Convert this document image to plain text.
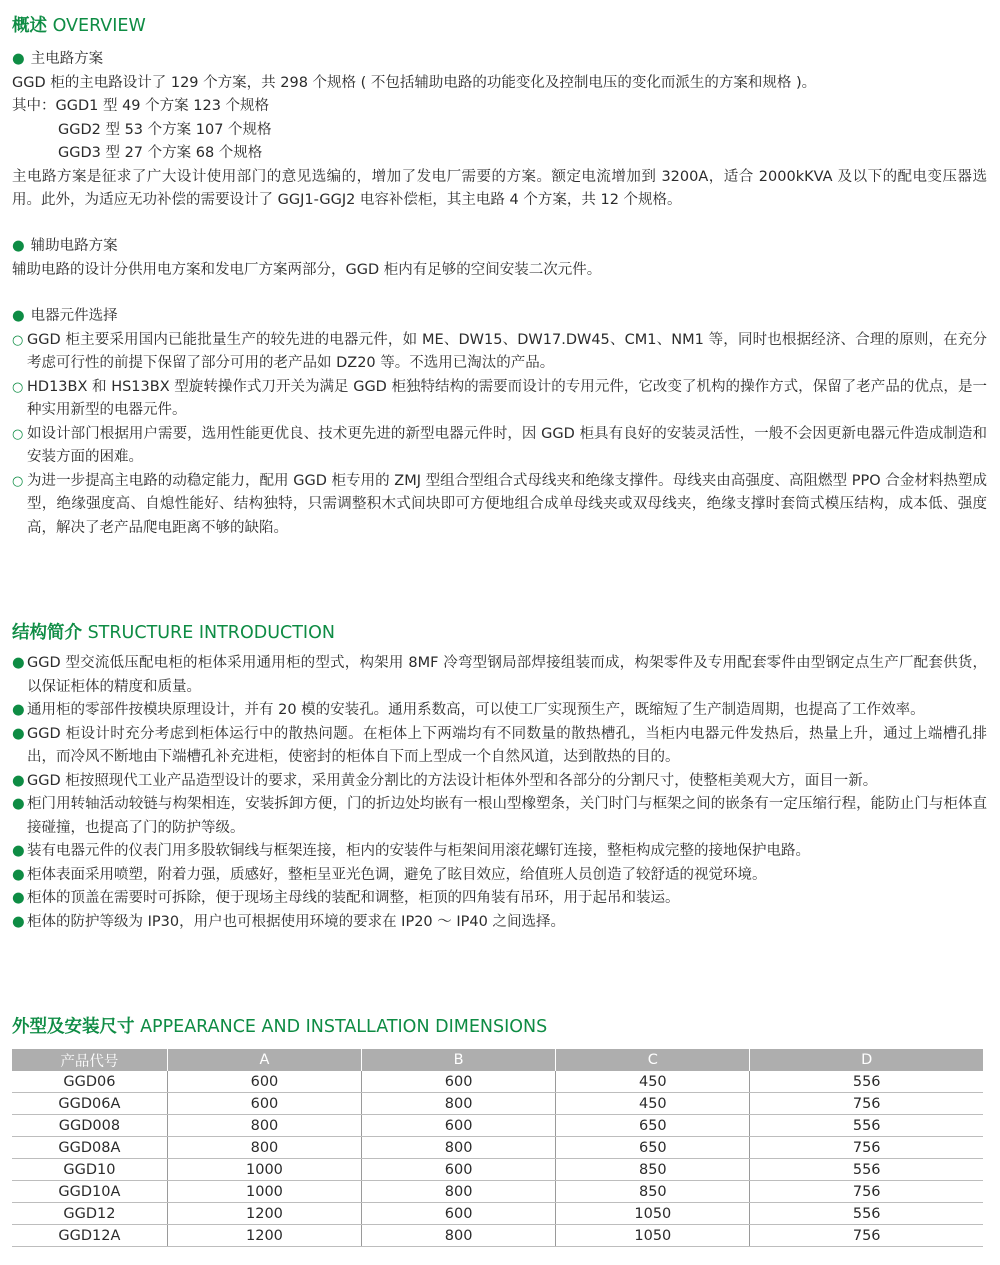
概述 OVERVIEW
● 主电路方案
GGD 柜的主电路设计了 129 个方案，共 298 个规格 ( 不包括辅助电路的功能变化及控制电压的变化而派生的方案和规格 )。
其中：GGD1 型 49 个方案 123 个规格
GGD2 型 53 个方案 107 个规格
GGD3 型 27 个方案 68 个规格
主电路方案是征求了广大设计使用部门的意见选编的，增加了发电厂需要的方案。额定电流增加到 3200A，适合 2000kKVA 及以下的配电变压器选用。此外，为适应无功补偿的需要设计了 GGJ1-GGJ2 电容补偿柜，其主电路 4 个方案，共 12 个规格。
● 辅助电路方案
辅助电路的设计分供用电方案和发电厂方案两部分，GGD 柜内有足够的空间安装二次元件。
● 电器元件选择
○ GGD 柜主要采用国内已能批量生产的较先进的电器元件，如 ME、DW15、DW17.DW45、CM1、NM1 等，同时也根据经济、合理的原则，在充分考虑可行性的前提下保留了部分可用的老产品如 DZ20 等。不选用已淘汰的产品。
○ HD13BX 和 HS13BX 型旋转操作式刀开关为满足 GGD 柜独特结构的需要而设计的专用元件，它改变了机构的操作方式，保留了老产品的优点，是一种实用新型的电器元件。
○ 如设计部门根据用户需要，选用性能更优良、技术更先进的新型电器元件时，因 GGD 柜具有良好的安装灵活性，一般不会因更新电器元件造成制造和安装方面的困难。
○ 为进一步提高主电路的动稳定能力，配用 GGD 柜专用的 ZMJ 型组合型组合式母线夹和绝缘支撑件。母线夹由高强度、高阻燃型 PPO 合金材料热塑成型，绝缘强度高、自熄性能好、结构独特，只需调整积木式间块即可方便地组合成单母线夹或双母线夹，绝缘支撑时套筒式模压结构，成本低、强度高，解决了老产品爬电距离不够的缺陷。
结构简介 STRUCTURE INTRODUCTION
● GGD 型交流低压配电柜的柜体采用通用柜的型式，构架用 8MF 冷弯型钢局部焊接组装而成，构架零件及专用配套零件由型钢定点生产厂配套供货，以保证柜体的精度和质量。
● 通用柜的零部件按模块原理设计，并有 20 模的安装孔。通用系数高，可以使工厂实现预生产，既缩短了生产制造周期，也提高了工作效率。
● GGD 柜设计时充分考虑到柜体运行中的散热问题。在柜体上下两端均有不同数量的散热槽孔，当柜内电器元件发热后，热量上升，通过上端槽孔排出，而冷风不断地由下端槽孔补充进柜，使密封的柜体自下而上型成一个自然风道，达到散热的目的。
● GGD 柜按照现代工业产品造型设计的要求，采用黄金分割比的方法设计柜体外型和各部分的分割尺寸，使整柜美观大方，面目一新。
● 柜门用转轴活动较链与构架相连，安装拆卸方便，门的折边处均嵌有一根山型橡塑条，关门时门与框架之间的嵌条有一定压缩行程，能防止门与柜体直接碰撞，也提高了门的防护等级。
● 装有电器元件的仪表门用多股软铜线与框架连接，柜内的安装件与柜架间用滚花螺钉连接，整柜构成完整的接地保护电路。
● 柜体表面采用喷塑，附着力强，质感好，整柜呈亚光色调，避免了眩目效应，给值班人员创造了较舒适的视觉环境。
● 柜体的顶盖在需要时可拆除，便于现场主母线的装配和调整，柜顶的四角装有吊环，用于起吊和装运。
● 柜体的防护等级为 IP30，用户也可根据使用环境的要求在 IP20 ～ IP40 之间选择。
外型及安装尺寸 APPEARANCE AND INSTALLATION DIMENSIONS
产品代号	A	B	C	D
GGD06	600	600	450	556
GGD06A	600	800	450	756
GGD008	800	600	650	556
GGD08A	800	800	650	756
GGD10	1000	600	850	556
GGD10A	1000	800	850	756
GGD12	1200	600	1050	556
GGD12A	1200	800	1050	756
